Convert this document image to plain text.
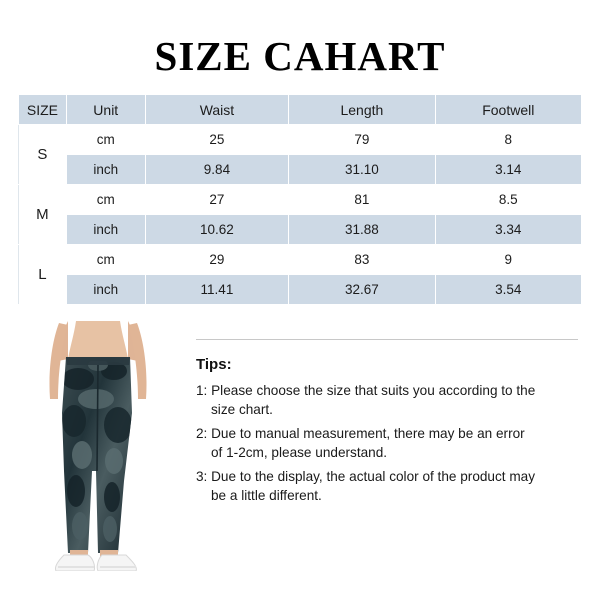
SIZE CAHART
SIZE	Unit	Waist	Length	Footwell
S	cm	25	79	8
	inch	9.84	31.10	3.14
M	cm	27	81	8.5
	inch	10.62	31.88	3.34
L	cm	29	83	9
	inch	11.41	32.67	3.54

Tips:

1: Please choose the size that suits you according to the
size chart.

2: Due to manual measurement, there may be an error
of 1-2cm, please understand.

3: Due to the display, the actual color of the product may
be a little different.
